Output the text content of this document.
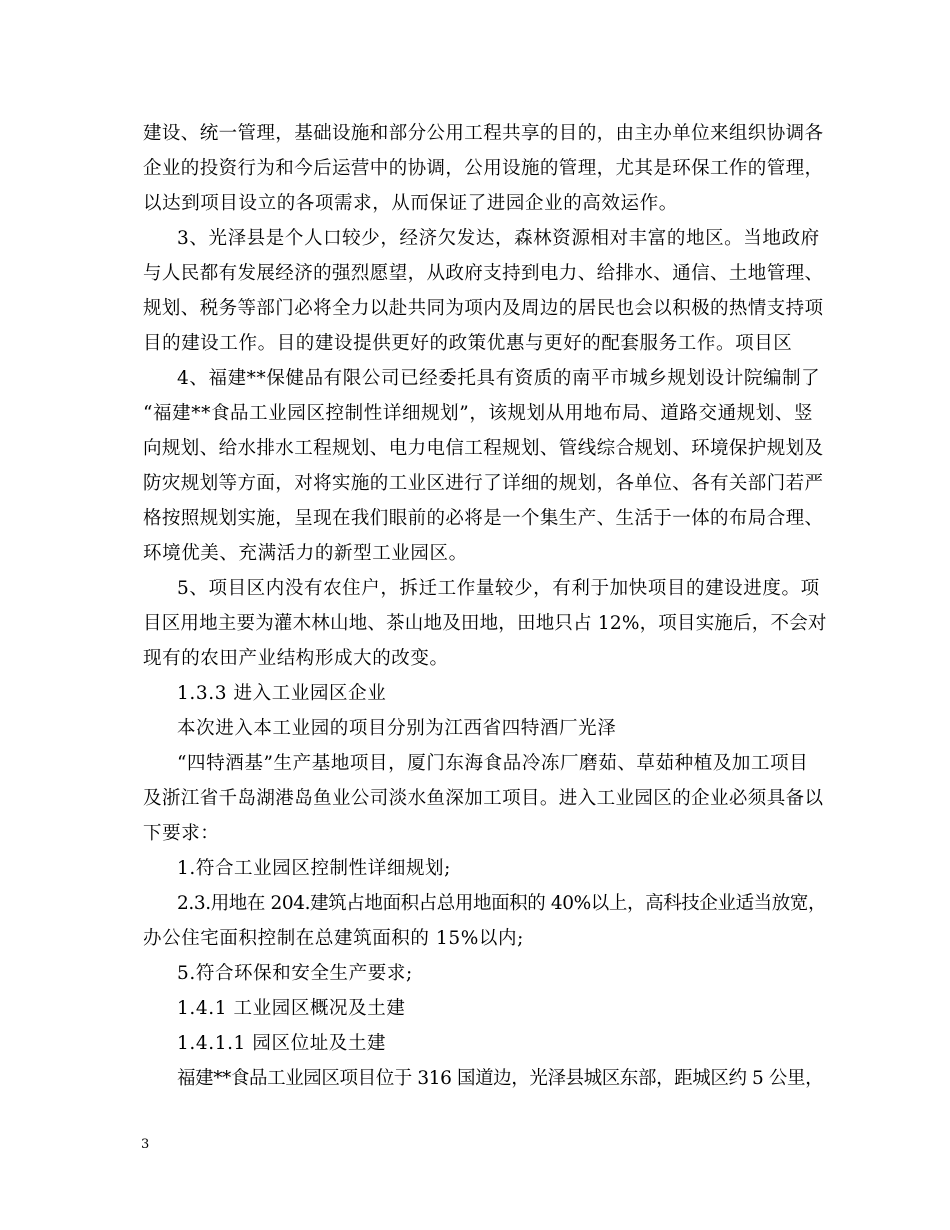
建设、统一管理，基础设施和部分公用工程共享的目的，由主办单位来组织协调各
企业的投资行为和今后运营中的协调，公用设施的管理，尤其是环保工作的管理，
以达到项目设立的各项需求，从而保证了进园企业的高效运作。
3、光泽县是个人口较少，经济欠发达，森林资源相对丰富的地区。当地政府
与人民都有发展经济的强烈愿望，从政府支持到电力、给排水、通信、土地管理、
规划、税务等部门必将全力以赴共同为项内及周边的居民也会以积极的热情支持项
目的建设工作。目的建设提供更好的政策优惠与更好的配套服务工作。项目区
4、福建**保健品有限公司已经委托具有资质的南平市城乡规划设计院编制了
“福建**食品工业园区控制性详细规划”，该规划从用地布局、道路交通规划、竖
向规划、给水排水工程规划、电力电信工程规划、管线综合规划、环境保护规划及
防灾规划等方面，对将实施的工业区进行了详细的规划，各单位、各有关部门若严
格按照规划实施，呈现在我们眼前的必将是一个集生产、生活于一体的布局合理、
环境优美、充满活力的新型工业园区。
5、项目区内没有农住户，拆迁工作量较少，有利于加快项目的建设进度。项
目区用地主要为灌木林山地、茶山地及田地，田地只占 12%，项目实施后，不会对
现有的农田产业结构形成大的改变。
1.3.3 进入工业园区企业
本次进入本工业园的项目分别为江西省四特酒厂光泽
“四特酒基”生产基地项目，厦门东海食品冷冻厂磨茹、草茹种植及加工项目
及浙江省千岛湖港岛鱼业公司淡水鱼深加工项目。进入工业园区的企业必须具备以
下要求：
1.符合工业园区控制性详细规划;
2.3.用地在 204.建筑占地面积占总用地面积的 40%以上，高科技企业适当放宽，
办公住宅面积控制在总建筑面积的 15%以内;
5.符合环保和安全生产要求;
1.4.1 工业园区概况及土建
1.4.1.1 园区位址及土建
福建**食品工业园区项目位于 316 国道边，光泽县城区东部，距城区约 5 公里，
3
